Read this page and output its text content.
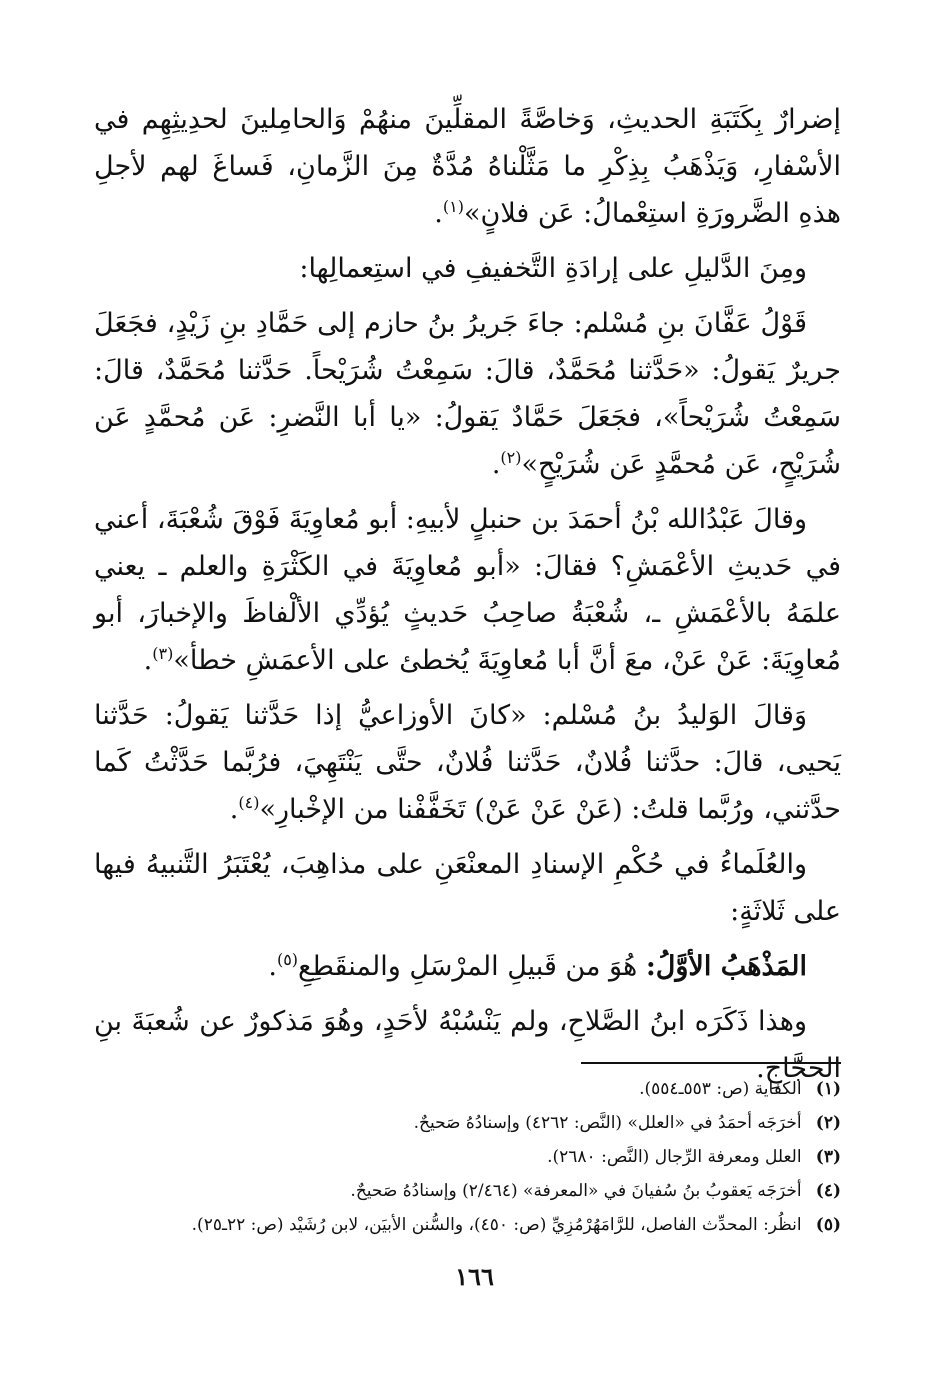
إضرارٌ بِكَتَبَةِ الحديثِ، وَخاصَّةً المقلِّينَ منهُمْ وَالحامِلينَ لحدِيثِهِم في الأسْفارِ، وَيَذْهَبُ بِذِكْرِ ما مَثَّلْناهُ مُدَّةٌ مِنَ الزَّمانِ، فَساغَ لهم لأجلِ هذهِ الضَّرورَةِ استِعْمالُ: عَن فلانٍ»$^{(١)}$.

ومِنَ الدَّليلِ على إرادَةِ التَّخفيفِ في استِعمالِها:

قَوْلُ عَفَّانَ بنِ مُسْلم: جاءَ جَريرُ بنُ حازم إلى حَمَّادِ بنِ زَيْدٍ، فجَعَلَ جريرٌ يَقولُ: «حَدَّثنا مُحَمَّدٌ، قالَ: سَمِعْتُ شُرَيْحاً. حَدَّثنا مُحَمَّدٌ، قالَ: سَمِعْتُ شُرَيْحاً»، فجَعَلَ حَمَّادٌ يَقولُ: «يا أبا النَّضرِ: عَن مُحمَّدٍ عَن شُرَيْحٍ، عَن مُحمَّدٍ عَن شُرَيْحٍ»$^{(٢)}$.

وقالَ عَبْدُالله بْنُ أحمَدَ بن حنبلٍ لأبيهِ: أبو مُعاوِيَةَ فَوْقَ شُعْبَةَ، أعني في حَديثِ الأعْمَشِ؟ فقالَ: «أبو مُعاوِيَةَ في الكَثْرَةِ والعلم ـ يعني علمَهُ بالأعْمَشِ ـ، شُعْبَةُ صاحِبُ حَديثٍ يُؤدِّي الألْفاظَ والإخبارَ، أبو مُعاوِيَةَ: عَنْ عَنْ، معَ أنَّ أبا مُعاوِيَةَ يُخطئ على الأعمَشِ خطأ»$^{(٣)}$.

وَقالَ الوَليدُ بنُ مُسْلم: «كانَ الأوزاعيُّ إذا حَدَّثنا يَقولُ: حَدَّثنا يَحيى، قالَ: حدَّثنا فُلانٌ، حَدَّثنا فُلانٌ، حتَّى يَنْتَهِيَ، فرُبَّما حَدَّثْتُ كَما حدَّثني، ورُبَّما قلتُ: (عَنْ عَنْ عَنْ) تَخَفَّفْنا من الإخْبارِ»$^{(٤)}$.

والعُلَماءُ في حُكْمِ الإسنادِ المعنْعَنِ على مذاهِبَ، يُعْتَبَرُ التَّنبيهُ فيها على ثَلاثَةٍ:

المَذْهَبُ الأوَّلُ: هُوَ من قَبيلِ المرْسَلِ والمنقَطِعِ$^{(٥)}$.

وهذا ذَكَرَه ابنُ الصَّلاحِ، ولم يَنْسُبْهُ لأحَدٍ، وهُوَ مَذكورٌ عن شُعبَةَ بنِ الحجَّاجِ.

(١) الكفاية (ص: ٥٥٣ـ٥٥٤).

(٢) أخرَجَه أحمَدُ في «العلل» (النَّص: ٤٢٦٢) وإسنادُهُ صَحيحٌ.

(٣) العلل ومعرفة الرِّجال (النَّص: ٢٦٨٠).

(٤) أخرَجَه يَعقوبُ بنُ سُفيانَ في «المعرفة» (٢/٤٦٤) وإسنادُهُ صَحيحٌ.

(٥) انظُر: المحدِّث الفاصل، للرَّامَهُرْمُزِيِّ (ص: ٤٥٠)، والسُّنن الأبيَن، لابن رُشَيْد (ص: ٢٢ـ٢٥).

١٦٦
